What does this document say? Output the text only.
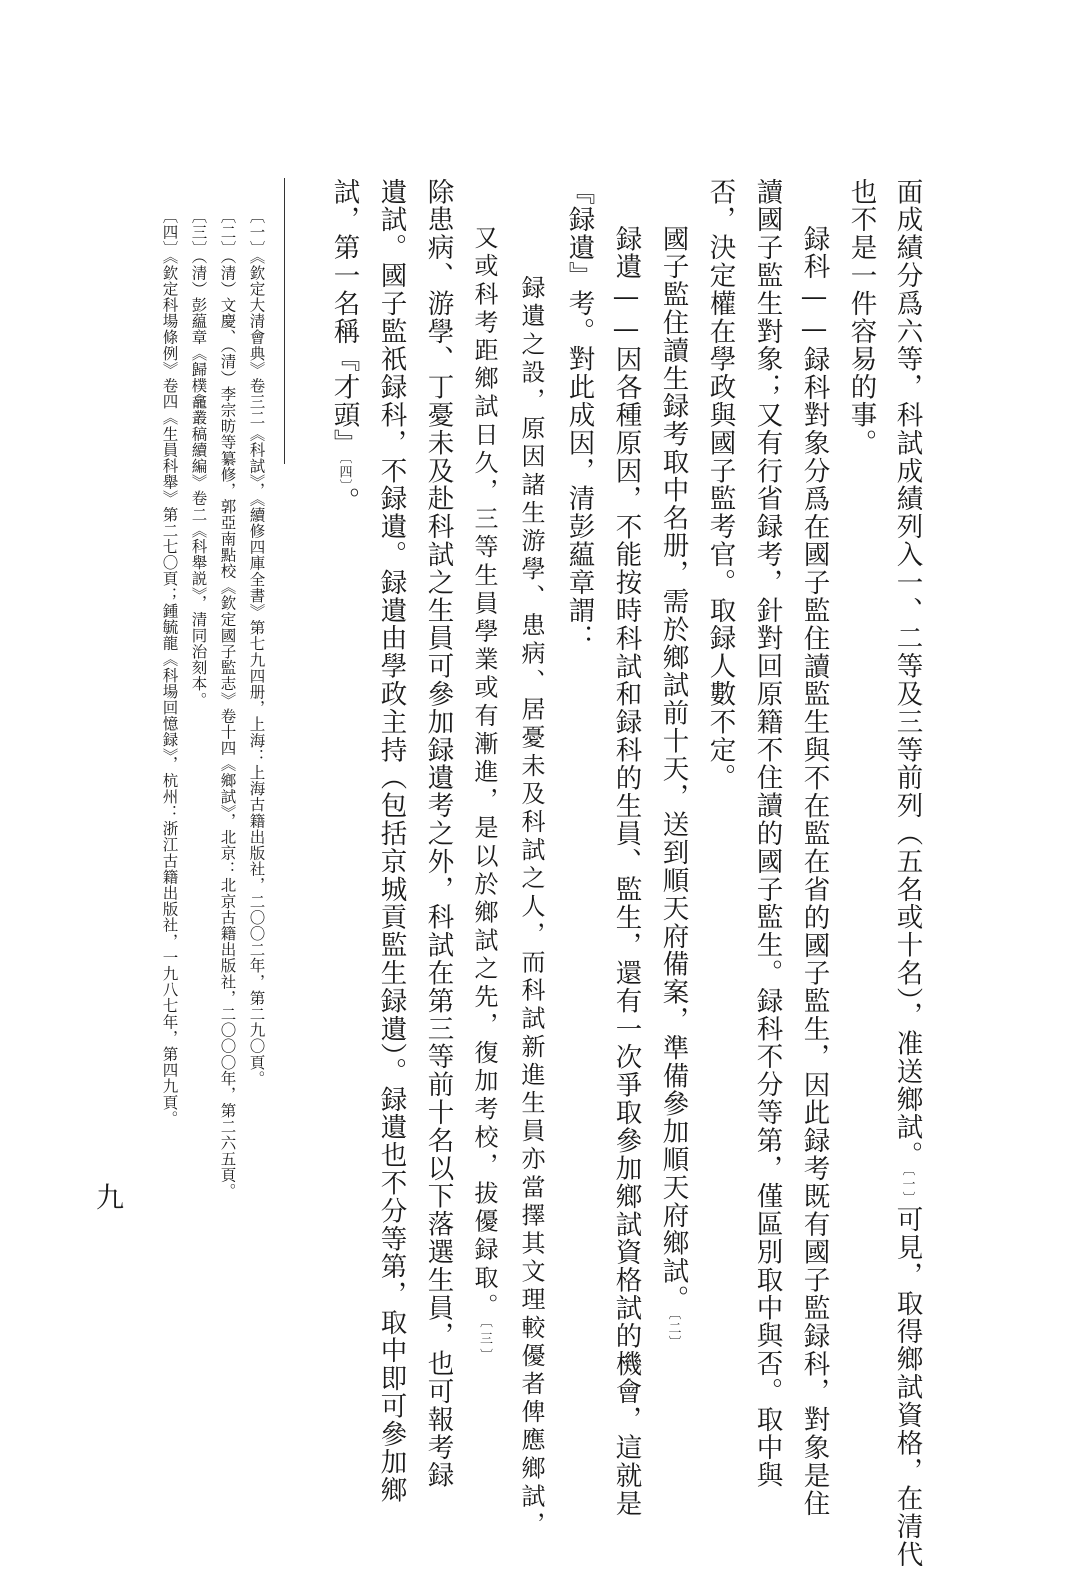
面成績分爲六等，科試成績列入一、二等及三等前列（五名或十名），准送鄉試。〔一〕可見，取得鄉試資格，在清代
也不是一件容易的事。
録科——録科對象分爲在國子監住讀監生與不在監在省的國子監生，因此録考既有國子監録科，對象是住
讀國子監生對象；又有行省録考，針對回原籍不住讀的國子監生。録科不分等第，僅區別取中與否。取中與
否，決定權在學政與國子監考官。取録人數不定。
國子監住讀生録考取中名册，需於鄉試前十天，送到順天府備案，準備參加順天府鄉試。〔二〕
録遺——因各種原因，不能按時科試和録科的生員、監生，還有一次爭取參加鄉試資格試的機會，這就是
『録遺』考。對此成因，清彭藴章謂：
録遺之設，原因諸生游學、患病、居憂未及科試之人，而科試新進生員亦當擇其文理較優者俾應鄉試，
又或科考距鄉試日久，三等生員學業或有漸進，是以於鄉試之先，復加考校，拔優録取。〔三〕
除患病、游學、丁憂未及赴科試之生員可參加録遺考之外，科試在第三等前十名以下落選生員，也可報考録
遺試。國子監祇録科，不録遺。録遺由學政主持（包括京城貢監生録遺）。録遺也不分等第，取中即可參加鄉
試，第一名稱『才頭』〔四〕。
〔一〕《欽定大清會典》卷三二《科試》，《續修四庫全書》第七九四册，上海：上海古籍出版社，二〇〇二年，第二九〇頁。
〔二〕（清）文慶、（清）李宗昉等纂修，郭亞南點校《欽定國子監志》卷十四《鄉試》，北京：北京古籍出版社，二〇〇〇年，第二六五頁。
〔三〕（清）彭藴章《歸樸龕叢稿續編》卷二《科舉説》，清同治刻本。
〔四〕《欽定科場條例》卷四《生員科舉》第二七〇頁；鍾毓龍《科場回憶録》，杭州：浙江古籍出版社，一九八七年，第四九頁。
九
